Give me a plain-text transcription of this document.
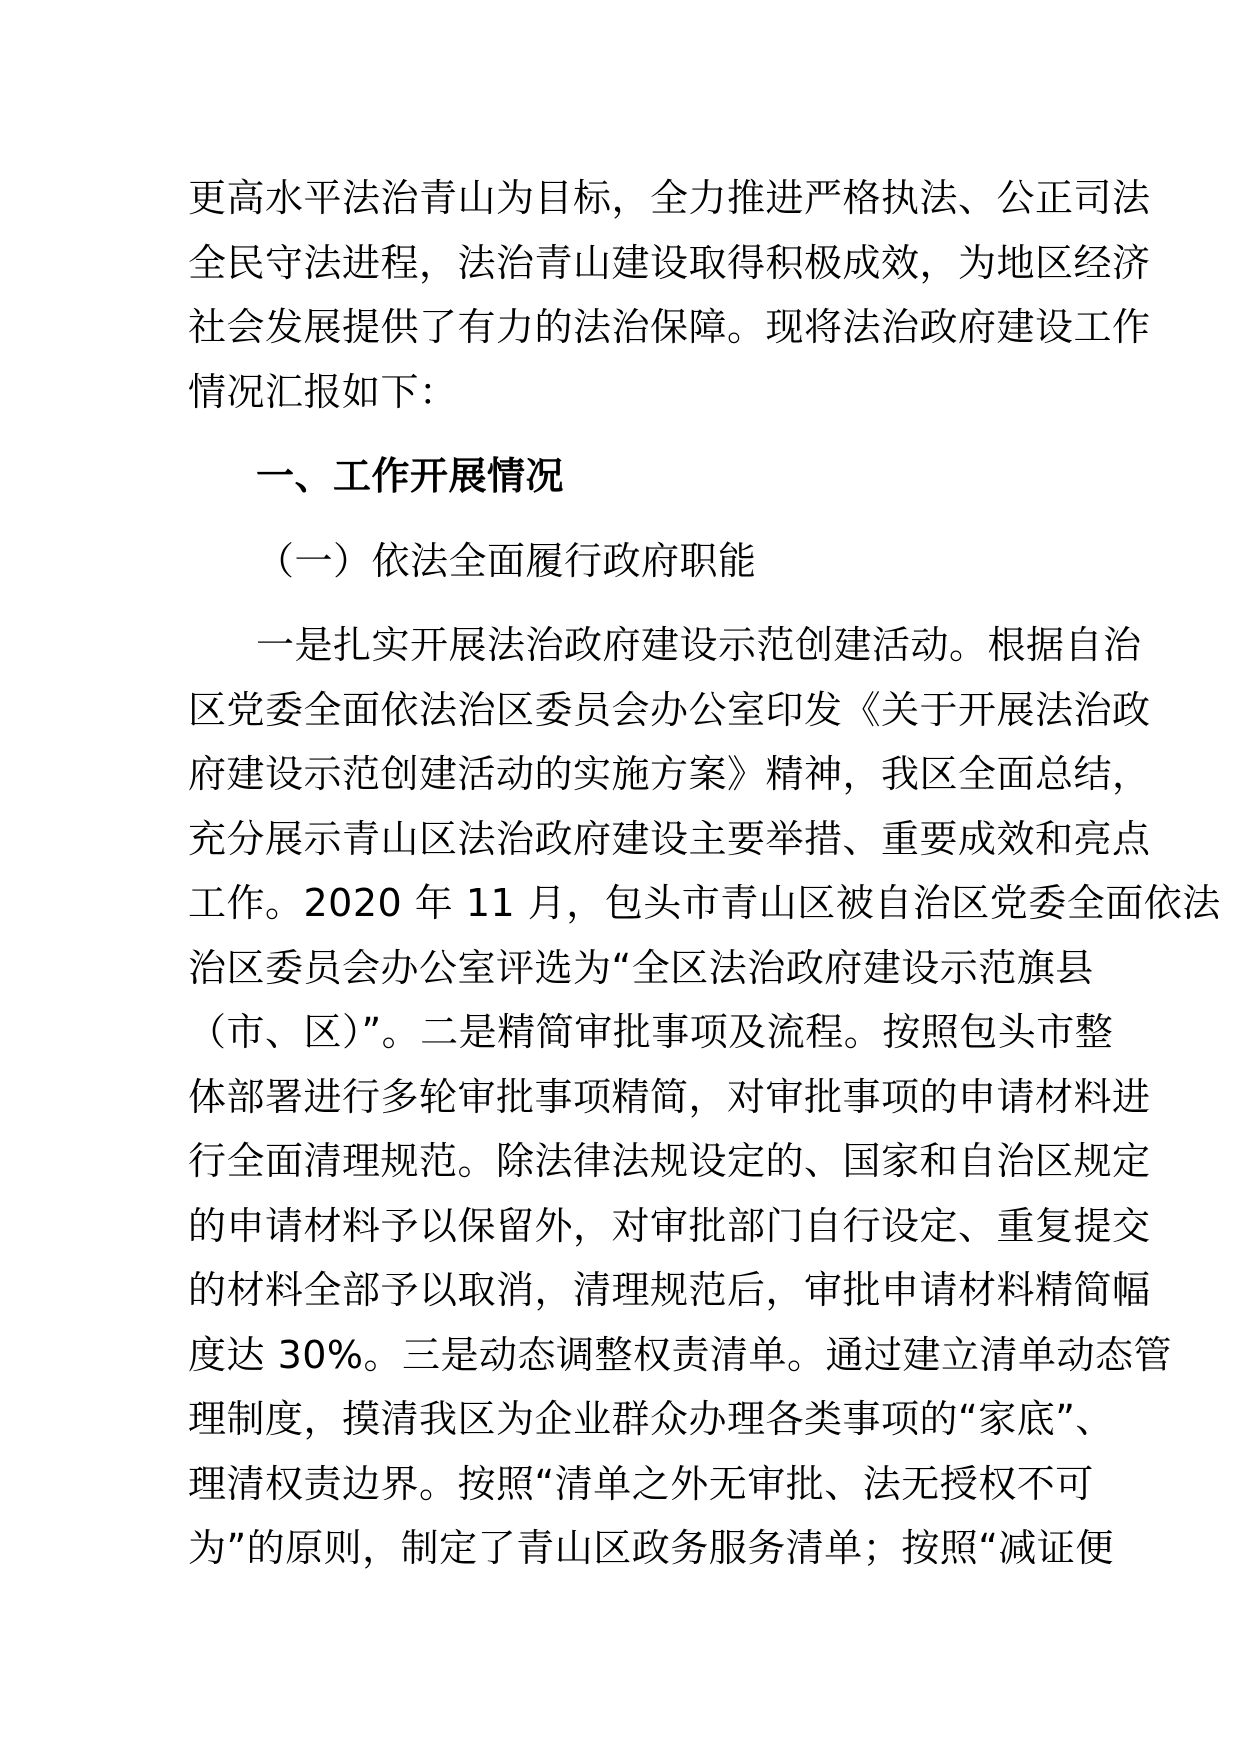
更高水平法治青山为目标，全力推进严格执法、公正司法
全民守法进程，法治青山建设取得积极成效，为地区经济
社会发展提供了有力的法治保障。现将法治政府建设工作
情况汇报如下：
一、工作开展情况
（一）依法全面履行政府职能
一是扎实开展法治政府建设示范创建活动。根据自治
区党委全面依法治区委员会办公室印发《关于开展法治政
府建设示范创建活动的实施方案》精神，我区全面总结，
充分展示青山区法治政府建设主要举措、重要成效和亮点
工作。2020 年 11 月，包头市青山区被自治区党委全面依法
治区委员会办公室评选为“全区法治政府建设示范旗县
（市、区）”。二是精简审批事项及流程。按照包头市整
体部署进行多轮审批事项精简，对审批事项的申请材料进
行全面清理规范。除法律法规设定的、国家和自治区规定
的申请材料予以保留外，对审批部门自行设定、重复提交
的材料全部予以取消，清理规范后，审批申请材料精简幅
度达 30%。三是动态调整权责清单。通过建立清单动态管
理制度，摸清我区为企业群众办理各类事项的“家底”、
理清权责边界。按照“清单之外无审批、法无授权不可
为”的原则，制定了青山区政务服务清单；按照“减证便
